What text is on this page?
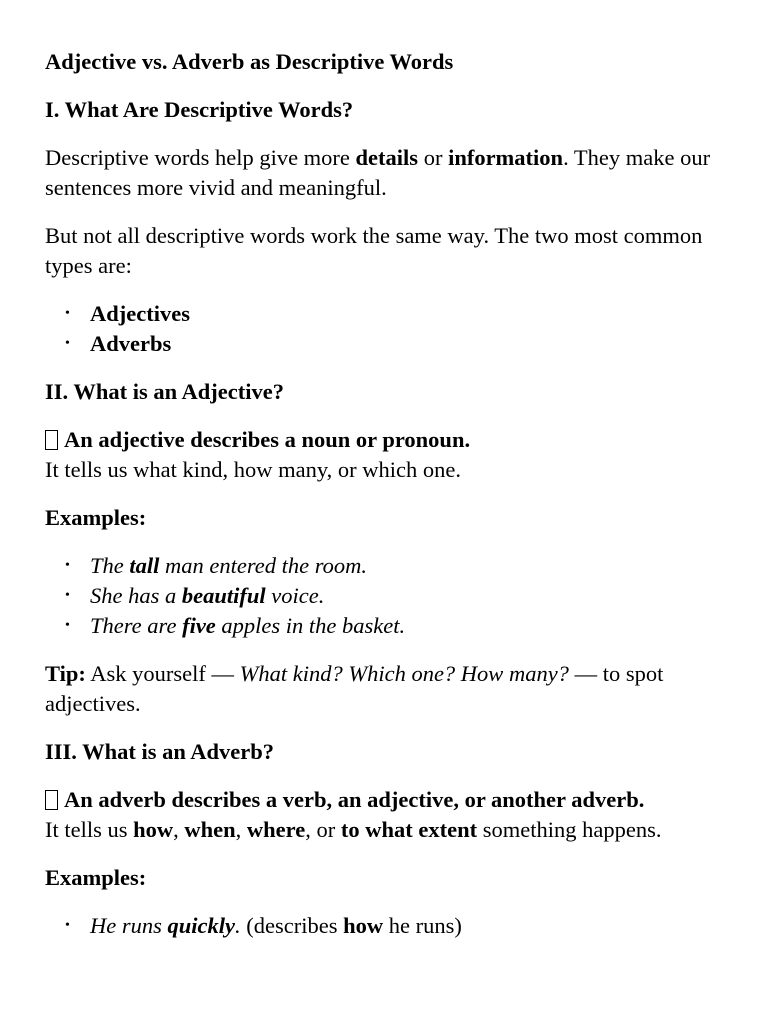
Adjective vs. Adverb as Descriptive Words

I. What Are Descriptive Words?

Descriptive words help give more details or information. They make our sentences more vivid and meaningful.

But not all descriptive words work the same way. The two most common types are:

• Adjectives
• Adverbs

II. What is an Adjective?

An adjective describes a noun or pronoun.
It tells us what kind, how many, or which one.

Examples:

• The tall man entered the room.
• She has a beautiful voice.
• There are five apples in the basket.

Tip: Ask yourself — What kind? Which one? How many? — to spot adjectives.

III. What is an Adverb?

An adverb describes a verb, an adjective, or another adverb.
It tells us how, when, where, or to what extent something happens.

Examples:

• He runs quickly. (describes how he runs)
